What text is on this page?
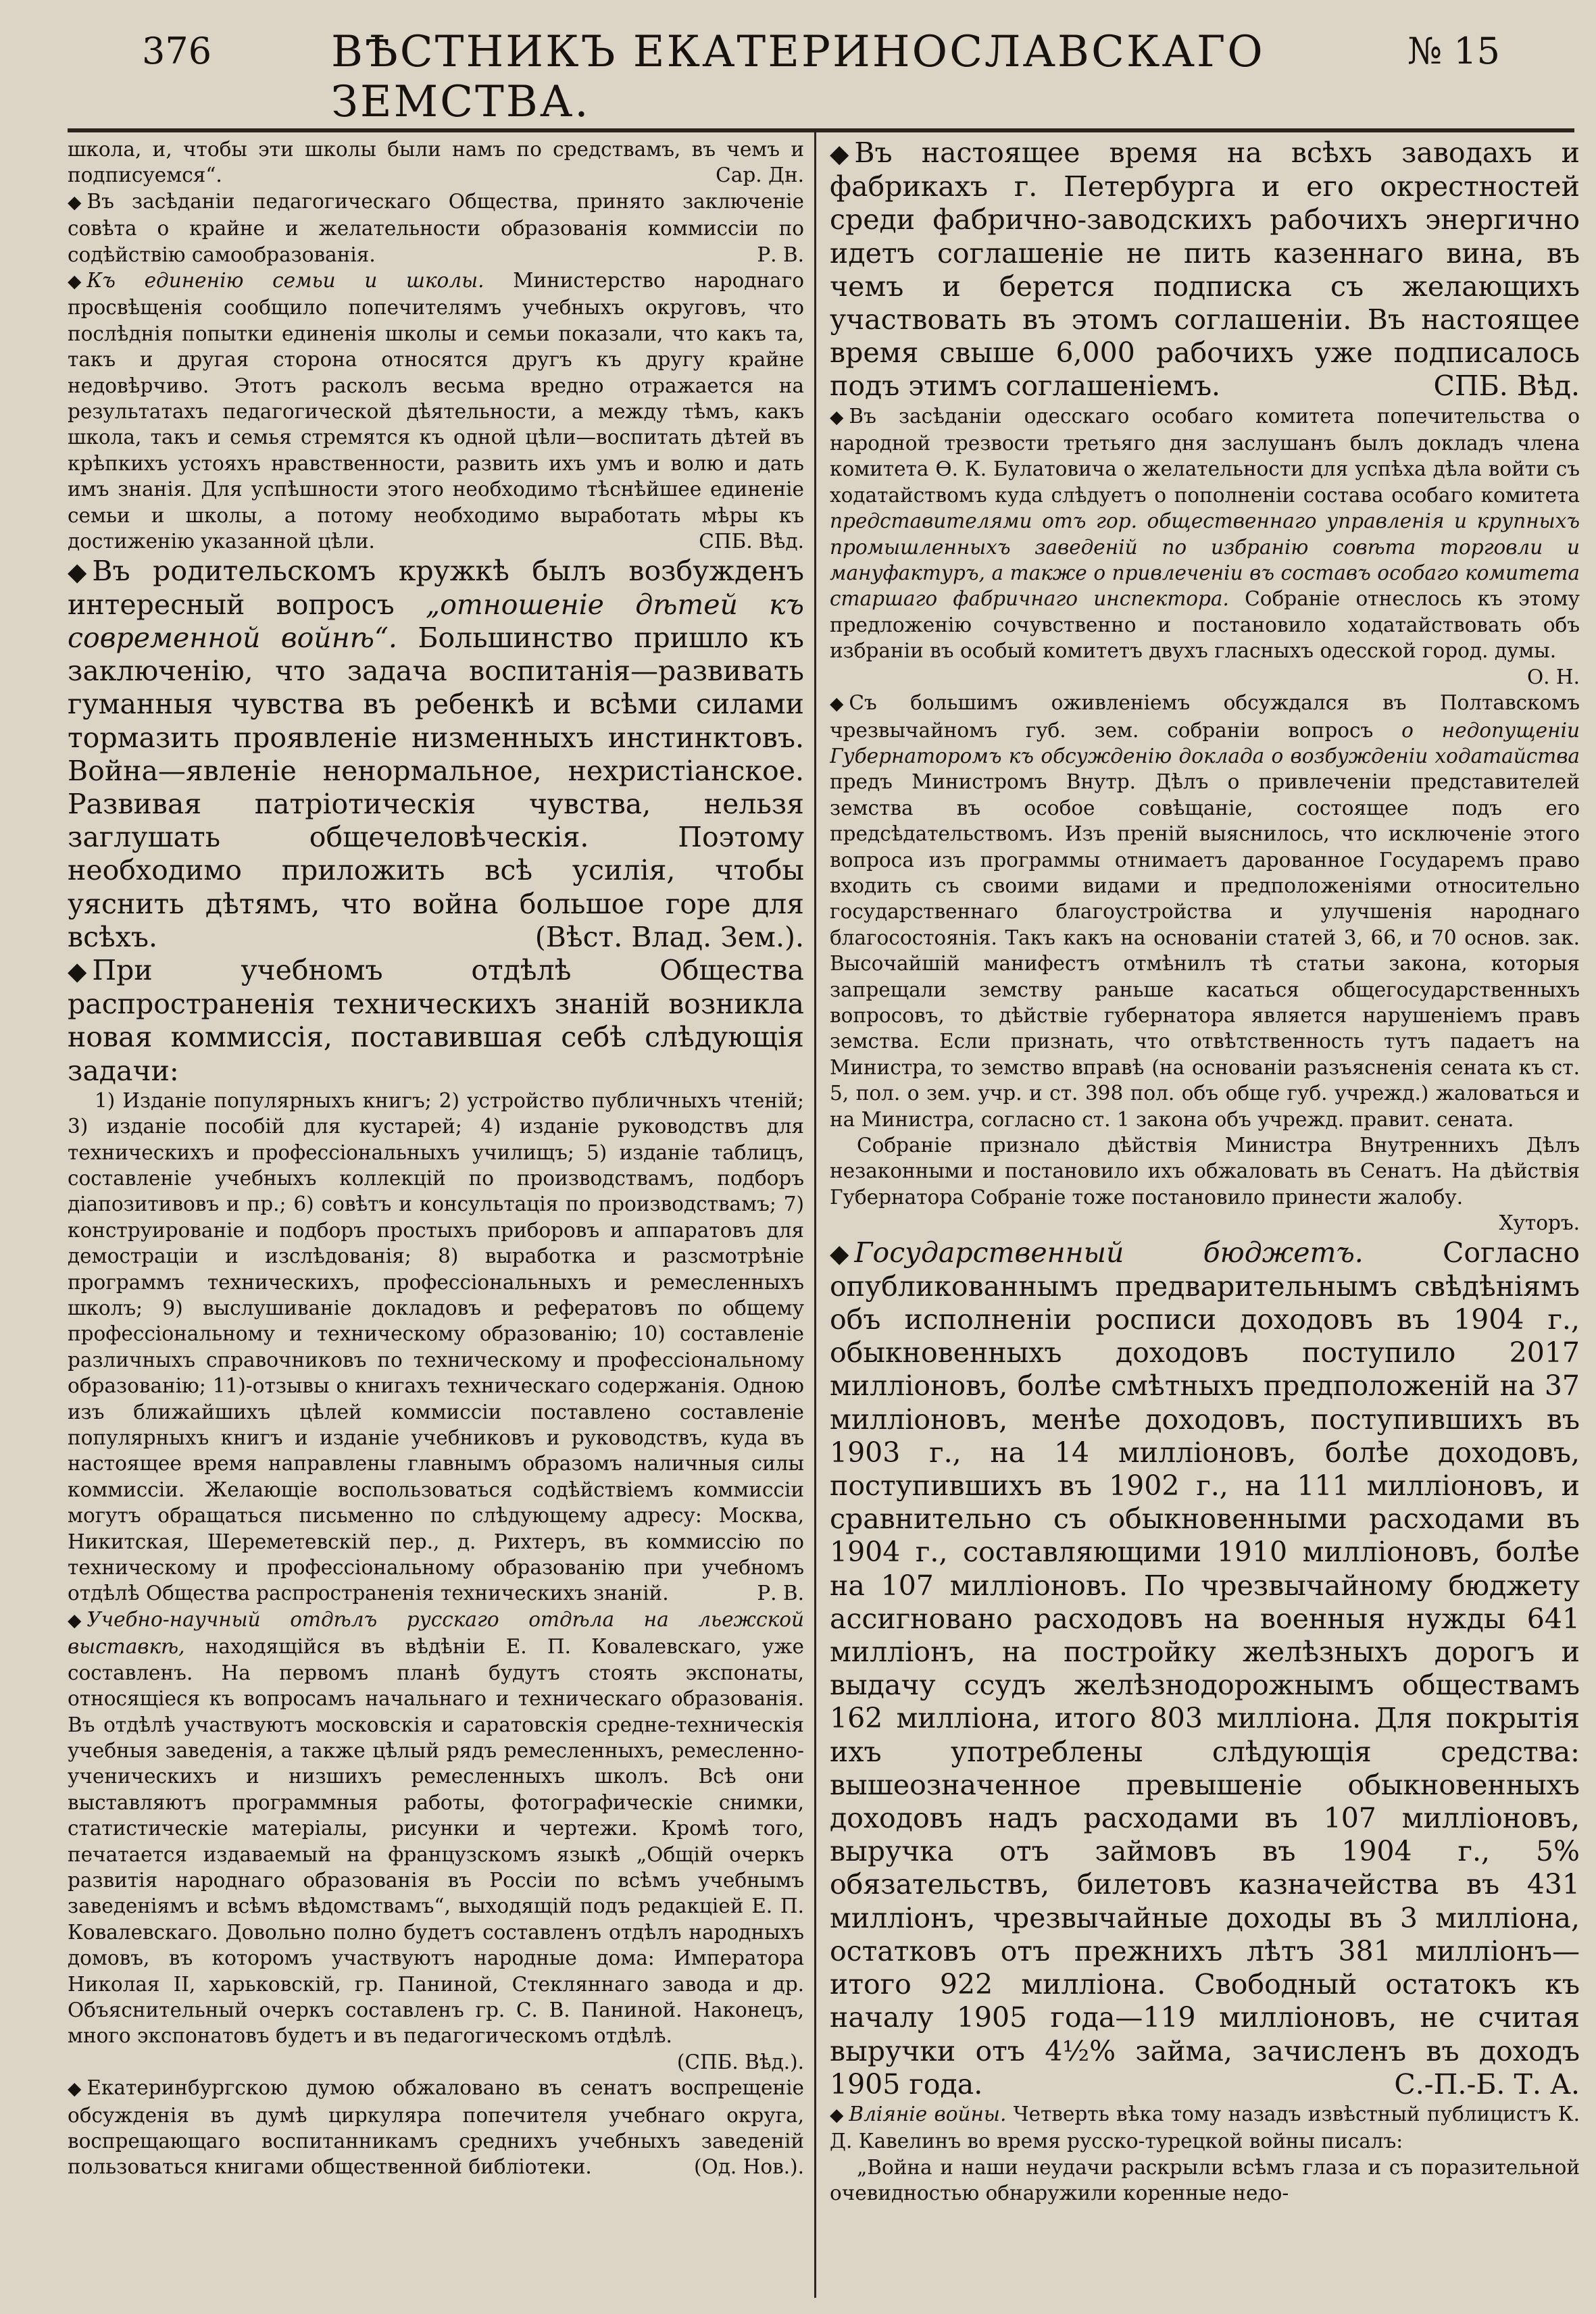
376	ВѢСТНИКЪ ЕКАТЕРИНОСЛАВСКАГО ЗЕМСТВА.
№ 15

школа, и, чтобы эти школы были намъ по средствамъ, въ чемъ и подписуемся“.	Сар. Дн.

◆ Въ засѣданіи педагогическаго Общества, принято заключеніе совѣта о крайне и желательности образованія коммиссіи по содѣйствію самообразованія.	Р. В.

◆ Къ единенію семьи и школы. Министерство народнаго просвѣщенія сообщило попечителямъ учебныхъ округовъ, что послѣднія попытки единенія школы и семьи показали, что какъ та, такъ и другая сторона относятся другъ къ другу крайне недовѣрчиво. Этотъ расколъ весьма вредно отражается на результатахъ педагогической дѣятельности, а между тѣмъ, какъ школа, такъ и семья стремятся къ одной цѣли—воспитать дѣтей въ крѣпкихъ устояхъ нравственности, развить ихъ умъ и волю и дать имъ знанія. Для успѣшности этого необходимо тѣснѣйшее единеніе семьи и школы, а потому необходимо выработать мѣры къ достиженію указанной цѣли.	СПБ. Вѣд.

◆ Въ родительскомъ кружкѣ былъ возбужденъ интересный вопросъ „отношеніе дѣтей къ современной войнѣ“. Большинство пришло къ заключенію, что задача воспитанія—развивать гуманныя чувства въ ребенкѣ и всѣми силами тормазить проявленіе низменныхъ инстинктовъ. Война—явленіе ненормальное, нехристіанское. Развивая патріотическія чувства, нельзя заглушать общечеловѣческія. Поэтому необходимо приложить всѣ усилія, чтобы уяснить дѣтямъ, что война большое горе для всѣхъ.	(Вѣст. Влад. Зем.).

◆ При учебномъ отдѣлѣ Общества распространенія техническихъ знаній возникла новая коммиссія, поставившая себѣ слѣдующія задачи:

1) Изданіе популярныхъ книгъ; 2) устройство публичныхъ чтеній; 3) изданіе пособій для кустарей; 4) изданіе руководствъ для техническихъ и профессіональныхъ училищъ; 5) изданіе таблицъ, составленіе учебныхъ коллекцій по производствамъ, подборъ діапозитивовъ и пр.; 6) совѣтъ и консультація по производствамъ; 7) конструированіе и подборъ простыхъ приборовъ и аппаратовъ для демострацiи и изслѣдованія; 8) выработка и разсмотрѣніе программъ техническихъ, профессіональныхъ и ремесленныхъ школъ; 9) выслушиваніе докладовъ и рефератовъ по общему профессіональному и техническому образованію; 10) составленіе различныхъ справочниковъ по техническому и профессіональному образованію; 11)-отзывы о книгахъ техническаго содержанія. Одною изъ ближайшихъ цѣлей коммиссіи поставлено составленіе популярныхъ книгъ и изданіе учебниковъ и руководствъ, куда въ настоящее время направлены главнымъ образомъ наличныя силы коммиссіи. Желающіе воспользоваться содѣйствіемъ коммиссіи могутъ обращаться письменно по слѣдующему адресу: Москва, Никитская, Шереметевскій пер., д. Рихтеръ, въ коммиссію по техническому и профессіональному образованію при учебномъ отдѣлѣ Общества распространенія техническихъ знаній.	Р. В.

◆ Учебно-научный отдѣлъ русскаго отдѣла на льежской выставкѣ, находящійся въ вѣдѣніи Е. П. Ковалевскаго, уже составленъ. На первомъ планѣ будутъ стоять экспонаты, относящіеся къ вопросамъ начальнаго и техническаго образованія. Въ отдѣлѣ участвуютъ московскія и саратовскія средне-техническія учебныя заведенія, а также цѣлый рядъ ремесленныхъ, ремесленно-ученическихъ и низшихъ ремесленныхъ школъ. Всѣ они выставляютъ программныя работы, фотографическіе снимки, статистическіе матеріалы, рисунки и чертежи. Кромѣ того, печатается издаваемый на французскомъ языкѣ „Общій очеркъ развитія народнаго образованія въ Россіи по всѣмъ учебнымъ заведеніямъ и всѣмъ вѣдомствамъ“, выходящій подъ редакціей Е. П. Ковалевскаго. Довольно полно будетъ составленъ отдѣлъ народныхъ домовъ, въ которомъ участвуютъ народные дома: Императора Николая II, харьковскій, гр. Паниной, Стекляннаго завода и др. Объяснительный очеркъ составленъ гр. С. В. Паниной. Наконецъ, много экспонатовъ будетъ и въ педагогическомъ отдѣлѣ.
(СПБ. Вѣд.).

◆ Екатеринбургскою думою обжаловано въ сенатъ воспрещеніе обсужденія въ думѣ циркуляра попечителя учебнаго округа, воспрещающаго воспитанникамъ среднихъ учебныхъ заведеній пользоваться книгами общественной библіотеки.	(Од. Нов.).

◆ Въ настоящее время на всѣхъ заводахъ и фабрикахъ г. Петербурга и его окрестностей среди фабрично-заводскихъ рабочихъ энергично идетъ соглашеніе не пить казеннаго вина, въ чемъ и берется подписка съ желающихъ участвовать въ этомъ соглашеніи. Въ настоящее время свыше 6,000 рабочихъ уже подписалось подъ этимъ соглашеніемъ.	СПБ. Вѣд.

◆ Въ засѣданіи одесскаго особаго комитета попечительства о народной трезвости третьяго дня заслушанъ былъ докладъ члена комитета Ѳ. К. Булатовича о желательности для успѣха дѣла войти съ ходатайствомъ куда слѣдуетъ о пополненіи состава особаго комитета представителями отъ гор. общественнаго управленія и крупныхъ промышленныхъ заведеній по избранію совѣта торговли и мануфактуръ, а также о привлеченіи въ составъ особаго комитета старшаго фабричнаго инспектора. Собраніе отнеслось къ этому предложенію сочувственно и постановило ходатайствовать объ избраніи въ особый комитетъ двухъ гласныхъ одесской город. думы.
О. Н.

◆ Съ большимъ оживленіемъ обсуждался въ Полтавскомъ чрезвычайномъ губ. зем. собраніи вопросъ о недопущеніи Губернаторомъ къ обсужденію доклада о возбужденіи ходатайства предъ Министромъ Внутр. Дѣлъ о привлеченіи представителей земства въ особое совѣщаніе, состоящее подъ его предсѣдательствомъ. Изъ преній выяснилось, что исключеніе этого вопроса изъ программы отнимаетъ дарованное Государемъ право входить съ своими видами и предположеніями относительно государственнаго благоустройства и улучшенія народнаго благосостоянія. Такъ какъ на основаніи статей 3, 66, и 70 основ. зак. Высочайшій манифестъ отмѣнилъ тѣ статьи закона, которыя запрещали земству раньше касаться общегосударственныхъ вопросовъ, то дѣйствіе губернатора является нарушеніемъ правъ земства. Если признать, что отвѣтственность тутъ падаетъ на Министра, то земство вправѣ (на основаніи разъясненія сената къ ст. 5, пол. о зем. учр. и ст. 398 пол. объ обще губ. учрежд.) жаловаться и на Министра, согласно ст. 1 закона объ учрежд. правит. сената.

Собраніе признало дѣйствія Министра Внутреннихъ Дѣлъ незаконными и постановило ихъ обжаловать въ Сенатъ. На дѣйствія Губернатора Собраніе тоже постановило принести жалобу.
Хуторъ.

◆ Государственный бюджетъ.	Согласно опубликованнымъ предварительнымъ свѣдѣніямъ объ исполненіи росписи доходовъ въ 1904 г., обыкновенныхъ доходовъ поступило 2017 милліоновъ, болѣе смѣтныхъ предположеній на 37 милліоновъ, менѣе доходовъ, поступившихъ въ 1903 г., на 14 милліоновъ, болѣе доходовъ, поступившихъ въ 1902 г., на 111 милліоновъ, и сравнительно съ обыкновенными расходами въ 1904 г., составляющими 1910 милліоновъ, болѣе на 107 милліоновъ. По чрезвычайному бюджету ассигновано расходовъ на военныя нужды 641 милліонъ, на постройку желѣзныхъ дорогъ и выдачу ссудъ желѣзнодорожнымъ обществамъ 162 милліона, итого 803 милліона. Для покрытія ихъ употреблены слѣдующія средства: вышеозначенное превышеніе обыкновенныхъ доходовъ надъ расходами въ 107 милліоновъ, выручка отъ займовъ въ 1904 г., 5% обязательствъ, билетовъ казначейства въ 431 милліонъ, чрезвычайные доходы въ 3 милліона, остатковъ отъ прежнихъ лѣтъ 381 милліонъ—итого 922 милліона. Свободный остатокъ къ началу 1905 года—119 милліоновъ, не считая выручки отъ 4½% займа, зачисленъ въ доходъ 1905 года.	С.-П.-Б. Т. А.

◆ Вліяніе войны. Четверть вѣка тому назадъ извѣстный публицистъ К. Д. Кавелинъ во время русско-турецкой войны писалъ:

„Война и наши неудачи раскрыли всѣмъ глаза и съ поразительной очевидностью обнаружили коренные недо-
